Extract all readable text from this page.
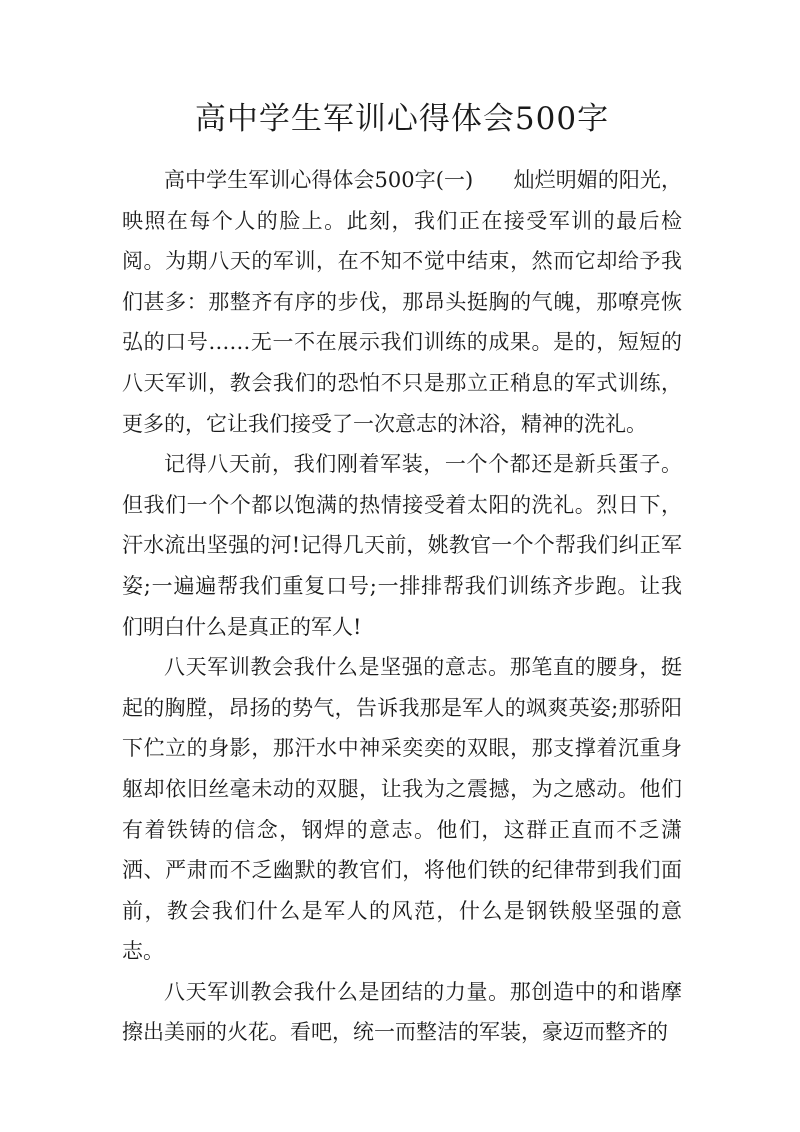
高中学生军训心得体会500字

高中学生军训心得体会500字(一)      灿烂明媚的阳光，映照在每个人的脸上。此刻，我们正在接受军训的最后检阅。为期八天的军训，在不知不觉中结束，然而它却给予我们甚多：那整齐有序的步伐，那昂头挺胸的气魄，那嘹亮恢弘的口号……无一不在展示我们训练的成果。是的，短短的八天军训，教会我们的恐怕不只是那立正稍息的军式训练，更多的，它让我们接受了一次意志的沐浴，精神的洗礼。

记得八天前，我们刚着军装，一个个都还是新兵蛋子。但我们一个个都以饱满的热情接受着太阳的洗礼。烈日下，汗水流出坚强的河!记得几天前，姚教官一个个帮我们纠正军姿;一遍遍帮我们重复口号;一排排帮我们训练齐步跑。让我们明白什么是真正的军人!

八天军训教会我什么是坚强的意志。那笔直的腰身，挺起的胸膛，昂扬的势气，告诉我那是军人的飒爽英姿;那骄阳下伫立的身影，那汗水中神采奕奕的双眼，那支撑着沉重身躯却依旧丝毫未动的双腿，让我为之震撼，为之感动。他们有着铁铸的信念，钢焊的意志。他们，这群正直而不乏潇洒、严肃而不乏幽默的教官们，将他们铁的纪律带到我们面前，教会我们什么是军人的风范，什么是钢铁般坚强的意志。

八天军训教会我什么是团结的力量。那创造中的和谐摩擦出美丽的火花。看吧，统一而整洁的军装，豪迈而整齐的
